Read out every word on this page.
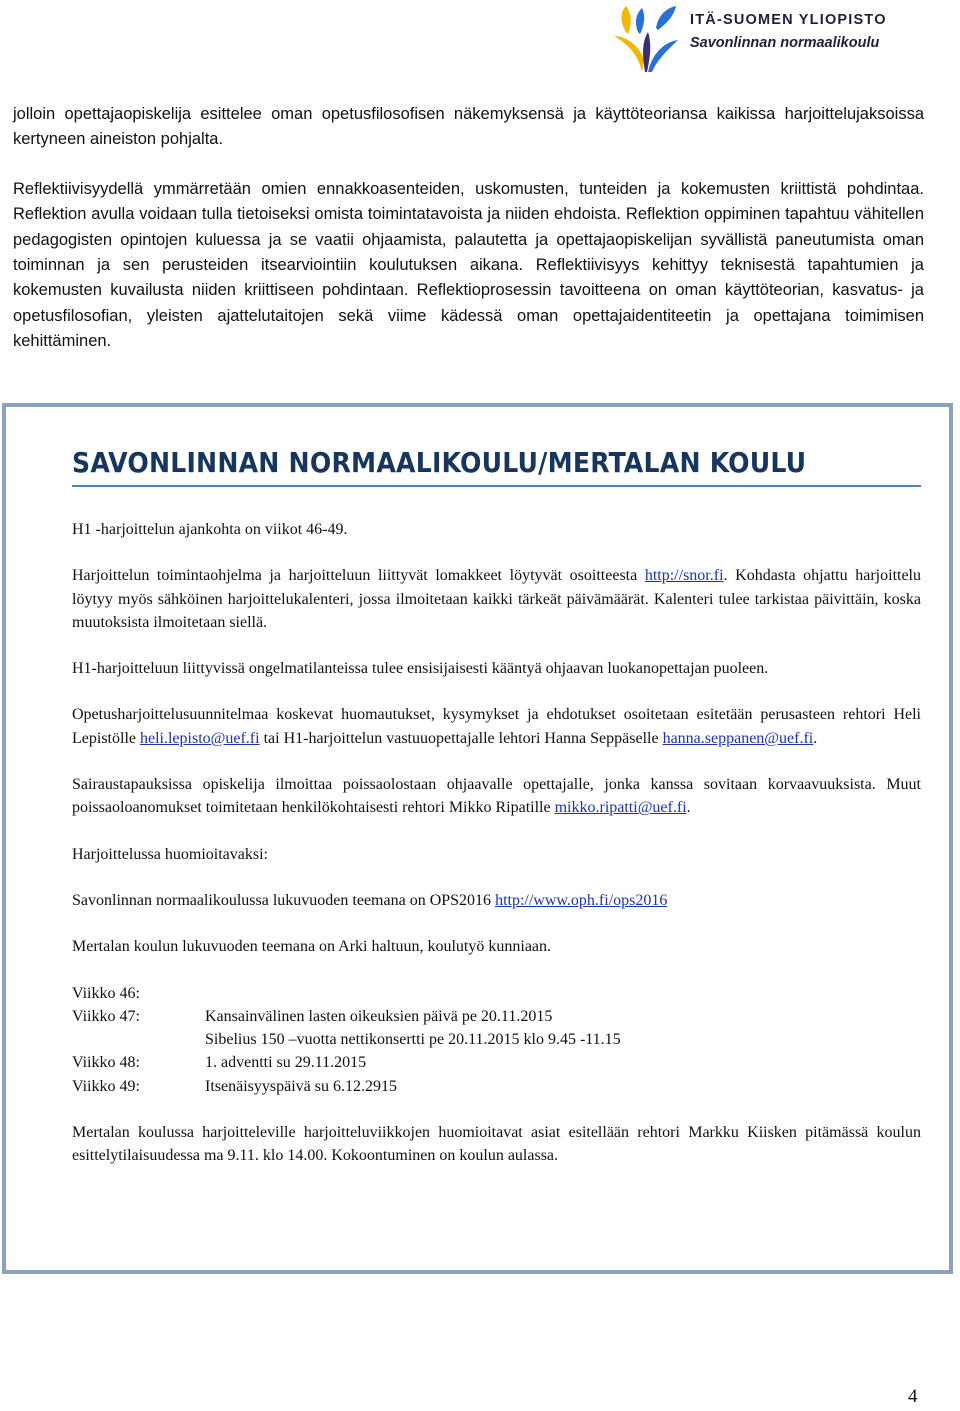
ITÄ-SUOMEN YLIOPISTO
Savonlinnan normaalikoulu

jolloin opettajaopiskelija esittelee oman opetusfilosofisen näkemyksensä ja käyttöteoriansa kaikissa harjoittelujaksoissa kertyneen aineiston pohjalta.

Reflektiivisyydellä ymmärretään omien ennakkoasenteiden, uskomusten, tunteiden ja kokemusten kriittistä pohdintaa. Reflektion avulla voidaan tulla tietoiseksi omista toimintatavoista ja niiden ehdoista. Reflektion oppiminen tapahtuu vähitellen pedagogisten opintojen kuluessa ja se vaatii ohjaamista, palautetta ja opettajaopiskelijan syvällistä paneutumista oman toiminnan ja sen perusteiden itsearviointiin koulutuksen aikana. Reflektiivisyys kehittyy teknisestä tapahtumien ja kokemusten kuvailusta niiden kriittiseen pohdintaan. Reflektioprosessin tavoitteena on oman käyttöteorian, kasvatus- ja opetusfilosofian, yleisten ajattelutaitojen sekä viime kädessä oman opettajaidentiteetin ja opettajana toimimisen kehittäminen.

SAVONLINNAN NORMAALIKOULU/MERTALAN KOULU

H1 -harjoittelun ajankohta on viikot 46-49.

Harjoittelun toimintaohjelma ja harjoitteluun liittyvät lomakkeet löytyvät osoitteesta http://snor.fi. Kohdasta ohjattu harjoittelu löytyy myös sähköinen harjoittelukalenteri, jossa ilmoitetaan kaikki tärkeät päivämäärät. Kalenteri tulee tarkistaa päivittäin, koska muutoksista ilmoitetaan siellä.

H1-harjoitteluun liittyvissä ongelmatilanteissa tulee ensisijaisesti kääntyä ohjaavan luokanopettajan puoleen.

Opetusharjoittelusuunnitelmaa koskevat huomautukset, kysymykset ja ehdotukset osoitetaan esitetään perusasteen rehtori Heli Lepistölle heli.lepisto@uef.fi tai H1-harjoittelun vastuuopettajalle lehtori Hanna Seppäselle hanna.seppanen@uef.fi.

Sairaustapauksissa opiskelija ilmoittaa poissaolostaan ohjaavalle opettajalle, jonka kanssa sovitaan korvaavuuksista. Muut poissaoloanomukset toimitetaan henkilökohtaisesti rehtori Mikko Ripatille mikko.ripatti@uef.fi.

Harjoittelussa huomioitavaksi:

Savonlinnan normaalikoulussa lukuvuoden teemana on OPS2016 http://www.oph.fi/ops2016

Mertalan koulun lukuvuoden teemana on Arki haltuun, koulutyö kunniaan.

Viikko 46:	
Viikko 47:	Kansainvälinen lasten oikeuksien päivä pe 20.11.2015
Sibelius 150 –vuotta nettikonsertti pe 20.11.2015 klo 9.45 -11.15

Viikko 48:	1. adventti su 29.11.2015
Viikko 49:	Itsenäisyyspäivä su 6.12.2915

Mertalan koulussa harjoitteleville harjoitteluviikkojen huomioitavat asiat esitellään rehtori Markku Kiisken pitämässä koulun esittelytilaisuudessa ma 9.11. klo 14.00. Kokoontuminen on koulun aulassa.

4
